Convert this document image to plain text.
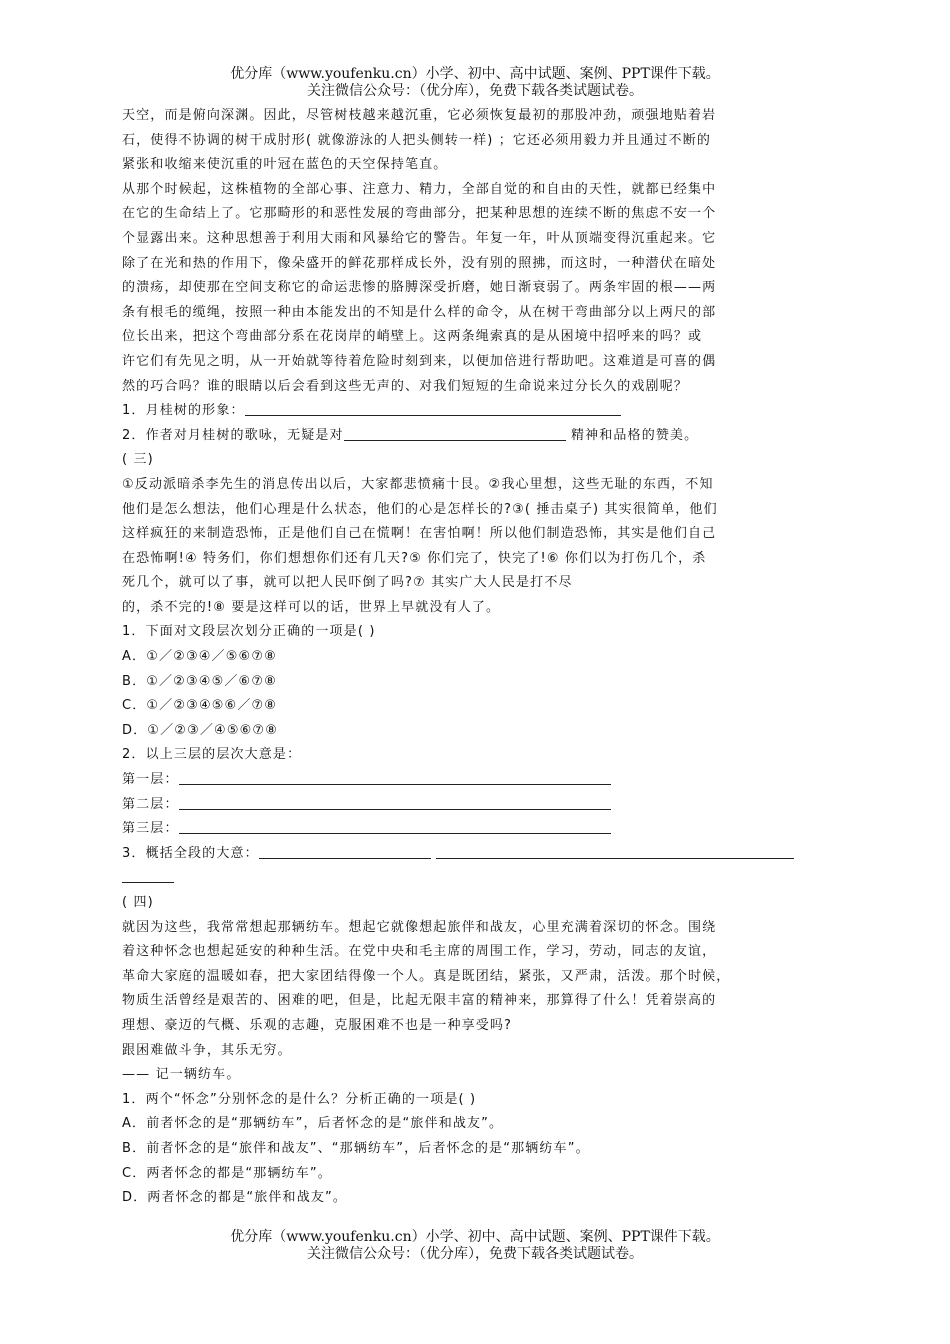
优分库（www.youfenku.cn）小学、初中、高中试题、案例、PPT课件下载。
关注微信公众号：（优分库），免费下载各类试题试卷。
天空，而是俯向深渊。因此，尽管树枝越来越沉重，它必须恢复最初的那股冲劲，顽强地贴着岩
石，使得不协调的树干成肘形( 就像游泳的人把头侧转一样) ；它还必须用毅力并且通过不断的
紧张和收缩来使沉重的叶冠在蓝色的天空保持笔直。
从那个时候起，这株植物的全部心事、注意力、精力，全部自觉的和自由的天性，就都已经集中
在它的生命结上了。它那畸形的和恶性发展的弯曲部分，把某种思想的连续不断的焦虑不安一个
个显露出来。这种思想善于利用大雨和风暴给它的警告。年复一年，叶从顶端变得沉重起来。它
除了在光和热的作用下，像朵盛开的鲜花那样成长外，没有别的照拂，而这时，一种潜伏在暗处
的溃疡，却使那在空间支称它的命运悲惨的胳膊深受折磨，她日渐衰弱了。两条牢固的根——两
条有根毛的缆绳，按照一种由本能发出的不知是什么样的命令，从在树干弯曲部分以上两尺的部
位长出来，把这个弯曲部分系在花岗岸的峭壁上。这两条绳索真的是从困境中招呼来的吗？或
许它们有先见之明，从一开始就等待着危险时刻到来，以便加倍进行帮助吧。这难道是可喜的偶
然的巧合吗？谁的眼睛以后会看到这些无声的、对我们短短的生命说来过分长久的戏剧呢？
1．月桂树的形象：
2．作者对月桂树的歌咏，无疑是对	精神和品格的赞美。
( 三)
①反动派暗杀李先生的消息传出以后，大家都悲愤痛十艮。②我心里想，这些无耻的东西，不知
他们是怎么想法，他们心理是什么状态，他们的心是怎样长的?③( 捶击桌子) 其实很简单，他们
这样疯狂的来制造恐怖，正是他们自己在慌啊！在害怕啊！所以他们制造恐怖，其实是他们自己
在恐怖啊!④ 特务们，你们想想你们还有几天?⑤ 你们完了，快完了!⑥ 你们以为打伤几个，杀
死几个，就可以了事，就可以把人民吓倒了吗?⑦ 其实广大人民是打不尽
的，杀不完的!⑧ 要是这样可以的话，世界上早就没有人了。
1．下面对文段层次划分正确的一项是( )
A．①／②③④／⑤⑥⑦⑧
B．①／②③④⑤／⑥⑦⑧
C．①／②③④⑤⑥／⑦⑧
D．①／②③／④⑤⑥⑦⑧
2．以上三层的层次大意是：
第一层：
第二层：
第三层：
3．概括全段的大意：
( 四)
就因为这些，我常常想起那辆纺车。想起它就像想起旅伴和战友，心里充满着深切的怀念。围绕
着这种怀念也想起延安的种种生活。在党中央和毛主席的周围工作，学习，劳动，同志的友谊，
革命大家庭的温暖如春，把大家团结得像一个人。真是既团结，紧张，又严肃，活泼。那个时候，
物质生活曾经是艰苦的、困难的吧，但是，比起无限丰富的精神来，那算得了什么！凭着崇高的
理想、豪迈的气概、乐观的志趣，克服困难不也是一种享受吗?
跟困难做斗争，其乐无穷。
—— 记一辆纺车。
1．两个“怀念”分别怀念的是什么？分析正确的一项是( )
A．前者怀念的是“那辆纺车”，后者怀念的是“旅伴和战友”。
B．前者怀念的是“旅伴和战友”、“那辆纺车”，后者怀念的是“那辆纺车”。
C．两者怀念的都是“那辆纺车”。
D．两者怀念的都是“旅伴和战友”。
优分库（www.youfenku.cn）小学、初中、高中试题、案例、PPT课件下载。
关注微信公众号：（优分库），免费下载各类试题试卷。
